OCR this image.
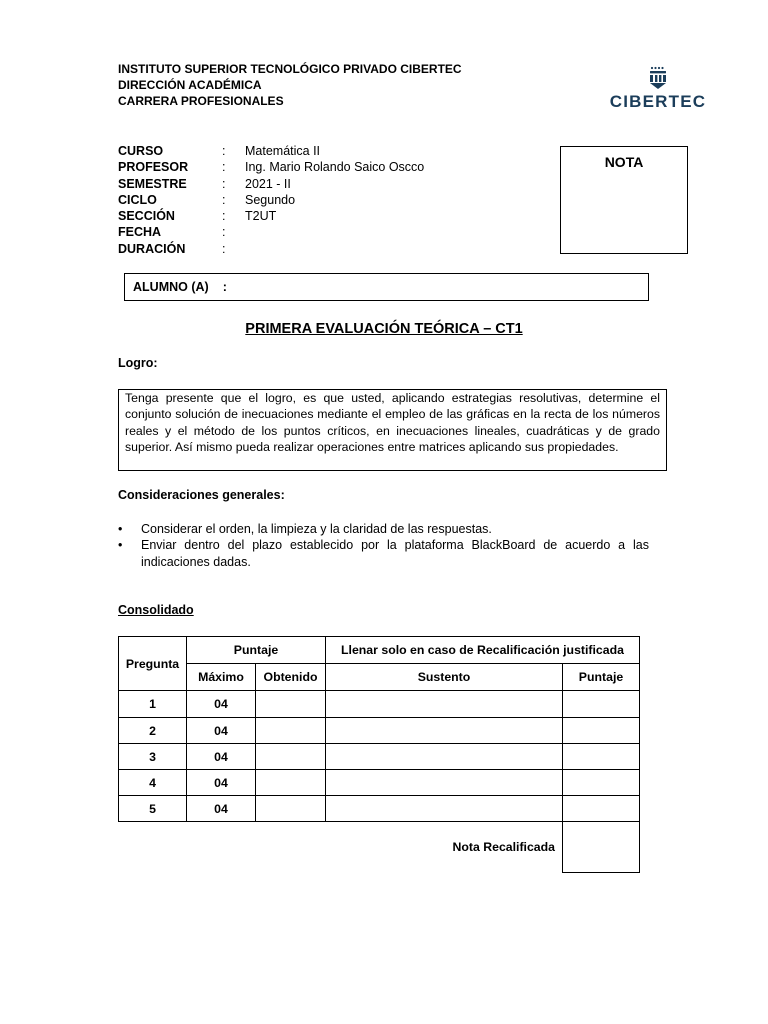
INSTITUTO SUPERIOR TECNOLÓGICO PRIVADO CIBERTEC
DIRECCIÓN ACADÉMICA
CARRERA PROFESIONALES	CIBERTEC
CURSO	: Matemática II
PROFESOR	: Ing. Mario Rolando Saico Oscco
SEMESTRE	: 2021 - II
CICLO	: Segundo
SECCIÓN	: T2UT
FECHA	:
DURACIÓN	:
NOTA
ALUMNO (A) :
PRIMERA EVALUACIÓN TEÓRICA – CT1
Logro:
Tenga presente que el logro, es que usted, aplicando estrategias resolutivas, determine el conjunto solución de inecuaciones mediante el empleo de las gráficas en la recta de los números reales y el método de los puntos críticos, en inecuaciones lineales, cuadráticas y de grado superior. Así mismo pueda realizar operaciones entre matrices aplicando sus propiedades.
Consideraciones generales:
• Considerar el orden, la limpieza y la claridad de las respuestas.
• Enviar dentro del plazo establecido por la plataforma BlackBoard de acuerdo a las indicaciones dadas.
Consolidado
Pregunta	Puntaje		Llenar solo en caso de Recalificación justificada	
	Máximo	Obtenido	Sustento	Puntaje
1	04			
2	04			
3	04			
4	04			
5	04			
Nota Recalificada				
